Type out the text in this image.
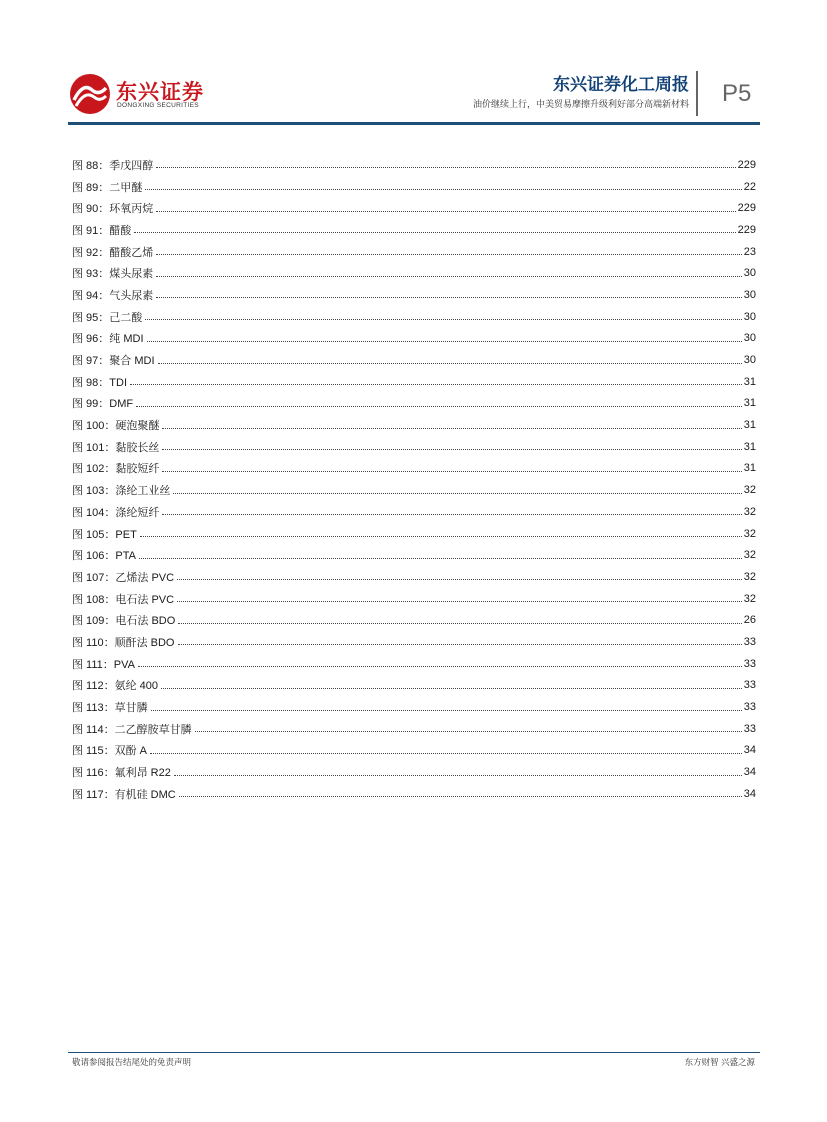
东兴证券
DONGXING SECURITIES
东兴证券化工周报
油价继续上行，中美贸易摩擦升级利好部分高端新材料 P5
图 88：季戊四醇	229
图 89：二甲醚	22
图 90：环氧丙烷	229
图 91：醋酸	229
图 92：醋酸乙烯	23
图 93：煤头尿素	30
图 94：气头尿素	30
图 95：己二酸	30
图 96：纯 MDI	30
图 97：聚合 MDI	30
图 98：TDI	31
图 99：DMF	31
图 100：硬泡聚醚	31
图 101：黏胶长丝	31
图 102：黏胶短纤	31
图 103：涤纶工业丝	32
图 104：涤纶短纤	32
图 105：PET	32
图 106：PTA	32
图 107：乙烯法 PVC	32
图 108：电石法 PVC	32
图 109：电石法 BDO	26
图 110：顺酐法 BDO	33
图 111：PVA	33
图 112：氨纶 400	33
图 113：草甘膦	33
图 114：二乙醇胺草甘膦	33
图 115：双酚 A	34
图 116：氟利昂 R22	34
图 117：有机硅 DMC	34
敬请参阅报告结尾处的免责声明	东方财智 兴盛之源
